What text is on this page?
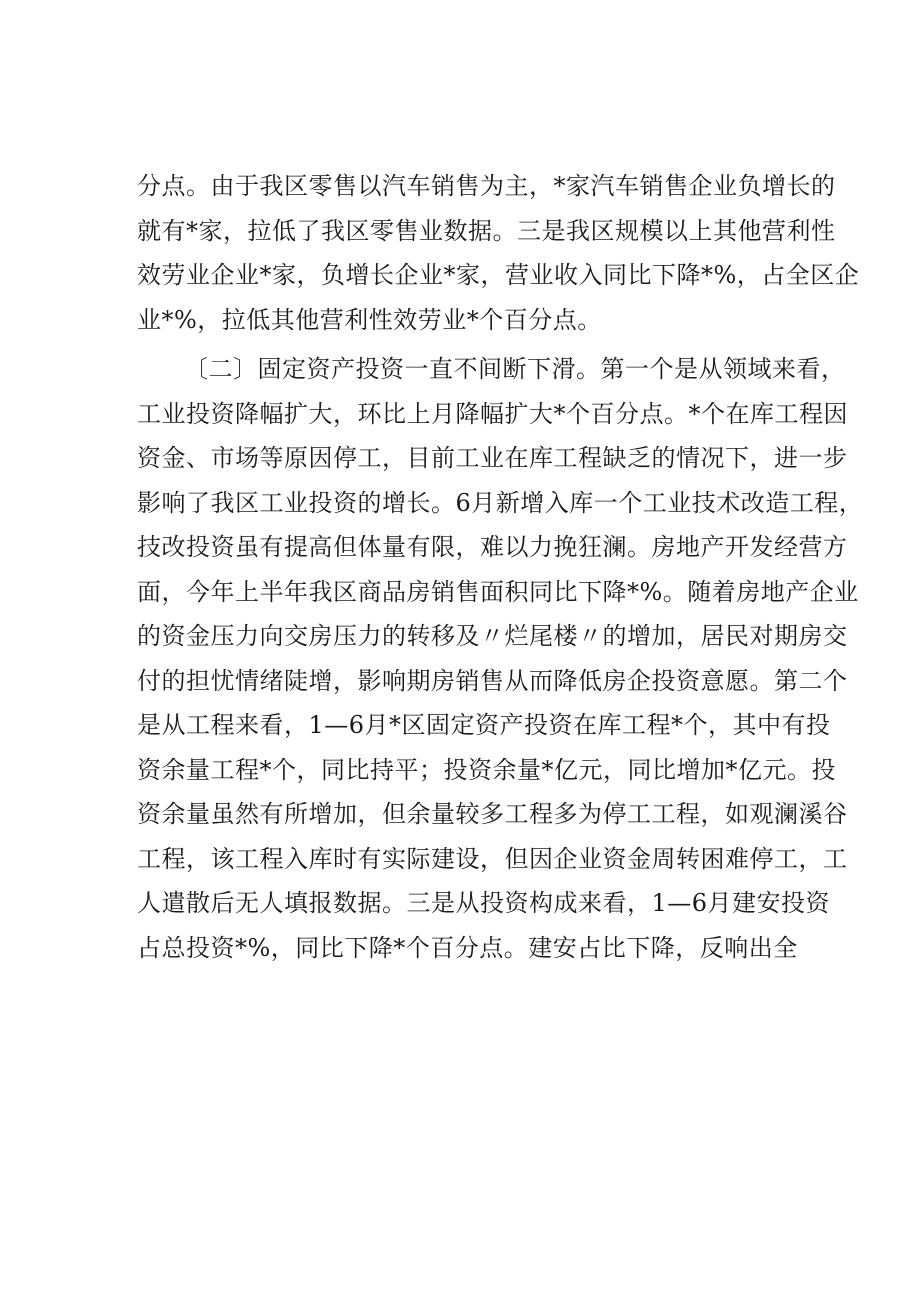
分点。由于我区零售以汽车销售为主，*家汽车销售企业负增长的
就有*家，拉低了我区零售业数据。三是我区规模以上其他营利性
效劳业企业*家，负增长企业*家，营业收入同比下降*%，占全区企
业*%，拉低其他营利性效劳业*个百分点。
〔二〕固定资产投资一直不间断下滑。第一个是从领域来看，
工业投资降幅扩大，环比上月降幅扩大*个百分点。*个在库工程因
资金、市场等原因停工，目前工业在库工程缺乏的情况下，进一步
影响了我区工业投资的增长。6月新增入库一个工业技术改造工程，
技改投资虽有提高但体量有限，难以力挽狂澜。房地产开发经营方
面，今年上半年我区商品房销售面积同比下降*%。随着房地产企业
的资金压力向交房压力的转移及〃烂尾楼〃的增加，居民对期房交
付的担忧情绪陡增，影响期房销售从而降低房企投资意愿。第二个
是从工程来看，1—6月*区固定资产投资在库工程*个，其中有投
资余量工程*个，同比持平；投资余量*亿元，同比增加*亿元。投
资余量虽然有所增加，但余量较多工程多为停工工程，如观澜溪谷
工程，该工程入库时有实际建设，但因企业资金周转困难停工，工
人遣散后无人填报数据。三是从投资构成来看，1—6月建安投资
占总投资*%，同比下降*个百分点。建安占比下降，反响出全
